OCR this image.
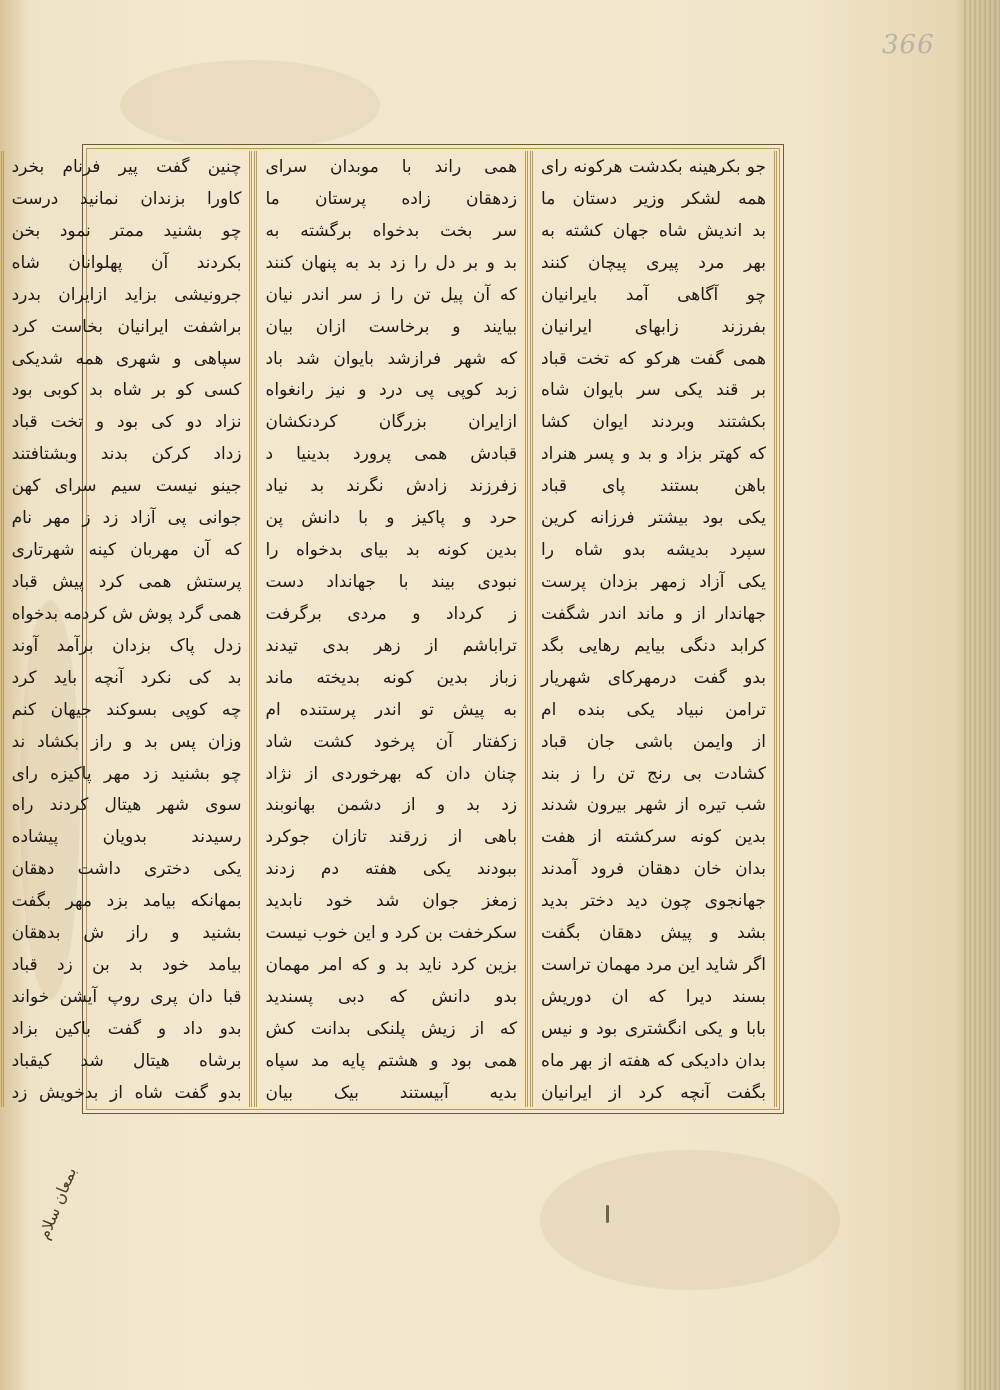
366
جو بکرهینه بکدشت هرکونه رای
همه لشکر وزیر دستان ما
بد اندیش شاه جهان کشته به
بهر مرد پیری پیچان کنند
چو آگاهی آمد بایرانیان
بفرزند زابهای ایرانیان
همی گفت هرکو که تخت قباد
بر قند یکی سر بایوان شاه
بکشتند وبردند ایوان کشا
که کهتر بزاد و بد و پسر هنراد
باهن بستند پای قباد
یکی بود بیشتر فرزانه کرین
سپرد بدیشه بدو شاه را
یکی آزاد زمهر بزدان پرست
جهاندار از و ماند اندر شگفت
کرابد دنگی بیایم رهایی بگد
بدو گفت درمهرکای شهریار
ترامن نبیاد یکی بنده ام
از وایمن باشی جان قباد
کشادت بی رنج تن را ز بند
شب تیره از شهر بیرون شدند
بدین کونه سرکشته از هفت
بدان خان دهقان فرود آمدند
جهانجوی چون دید دختر بدید
بشد و پیش دهقان بگفت
اگر شاید این مرد مهمان تراست
بسند دیرا که ان دوریش
بابا و یکی انگشتری بود و نیس
بدان دادیکی که هفته از بهر ماه
بگفت آنچه کرد از ایرانیان
همی راند با موبدان سرای
زدهقان زاده پرستان ما
سر بخت بدخواه برگشته به
بد و بر دل را زد بد به پنهان کنند
که آن پیل تن را ز سر اندر نیان
بیایند و برخاست ازان بیان
که شهر فرازشد بایوان شد باد
زبد کوپی پی درد و نیز رانغواه
ازایران بزرگان کردنکشان
قبادش همی پرورد بدینیا د
زفرزند زادش نگرند بد نیاد
حرد و پاکیز و با دانش پن
بدین کونه بد بیای بدخواه را
نبودی بیند با جهانداد دست
ز کرداد و مردی برگرفت
تراباشم از زهر بدی تیدند
زباز بدین کونه بدیخته ماند
به پیش تو اندر پرستنده ام
زکفتار آن پرخود کشت شاد
چنان دان که بهرخوردی از نژاد
زد بد و از دشمن بهانوبند
باهی از زرقند تازان جوکرد
ببودند یکی هفته دم زدند
زمغز جوان شد خود نابدید
سکرخفت بن کرد و این خوب نیست
بزین کرد ناید بد و که امر مهمان
بدو دانش که دبی پسندید
که از زیش پلنکی بدانت کش
همی بود و هشتم پایه مد سپاه
بدیه آبیستند بیک بیان
چنین گفت پیر فرنام بخرد
کاورا بزندان نمانید درست
چو بشنید ممتر نمود بخن
بکردند آن پهلوانان شاه
جرونیشی بزاید ازایران بدرد
براشفت ایرانیان بخاست کرد
سپاهی و شهری همه شدیکی
کسی کو بر شاه بد کوبی بود
نزاد دو کی بود و تخت قباد
زداد کرکن بدند وبشتافتند
جینو نیست سیم سرای کهن
جوانی پی آزاد زد ز مهر نام
که آن مهربان کینه شهرتاری
پرستش همی کرد پیش قباد
همی گرد پوش ش کردمه بدخواه
زدل پاک بزدان برآمد آوند
بد کی نکرد آنچه باید کرد
چه کوپی بسوکند جیهان کنم
وزان پس بد و راز بکشاد ند
چو بشنید زد مهر پاکیزه رای
سوی شهر هیتال کردند راه
رسیدند بدویان پیشاده
یکی دختری داشت دهقان
بمهانکه بیامد بزد مهر بگفت
بشنید و راز ش بدهقان
بیامد خود بد بن زد قباد
قبا دان پری روپ آیشن خواند
بدو داد و گفت باکین بزاد
برشاه هیتال شد کیقباد
بدو گفت شاه از بدخویش زد
بمعان سلام
